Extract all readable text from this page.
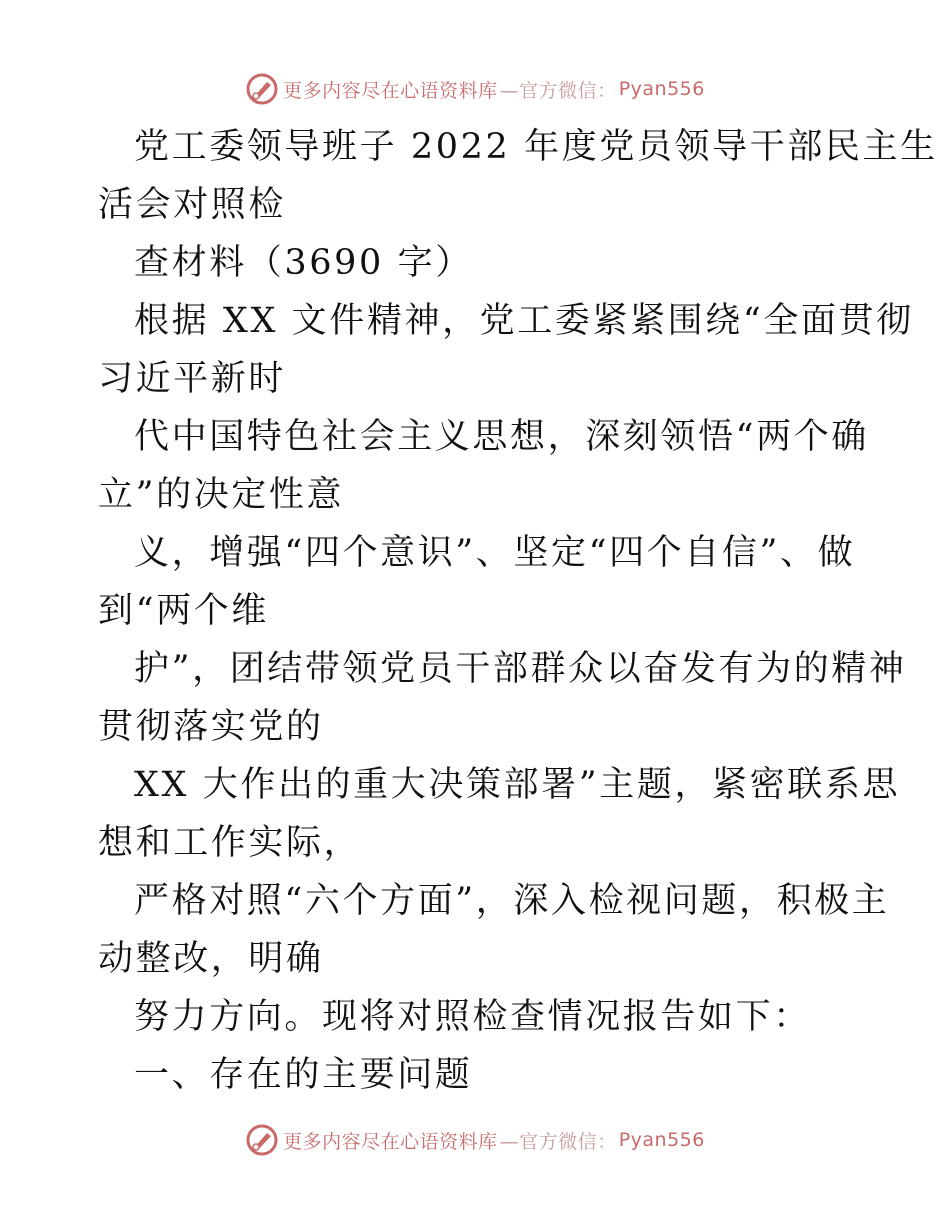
更多内容尽在心语资料库 —官方微信： Pyan556
党工委领导班子 2022 年度党员领导干部民主生
活会对照检
查材料（3690 字）
根据 XX 文件精神，党工委紧紧围绕“全面贯彻
习近平新时
代中国特色社会主义思想，深刻领悟“两个确
立”的决定性意
义，增强“四个意识”、坚定“四个自信”、做
到“两个维
护”，团结带领党员干部群众以奋发有为的精神
贯彻落实党的
XX 大作出的重大决策部署”主题，紧密联系思
想和工作实际，
严格对照“六个方面”，深入检视问题，积极主
动整改，明确
努力方向。现将对照检查情况报告如下：
一、存在的主要问题
更多内容尽在心语资料库 —官方微信： Pyan556
